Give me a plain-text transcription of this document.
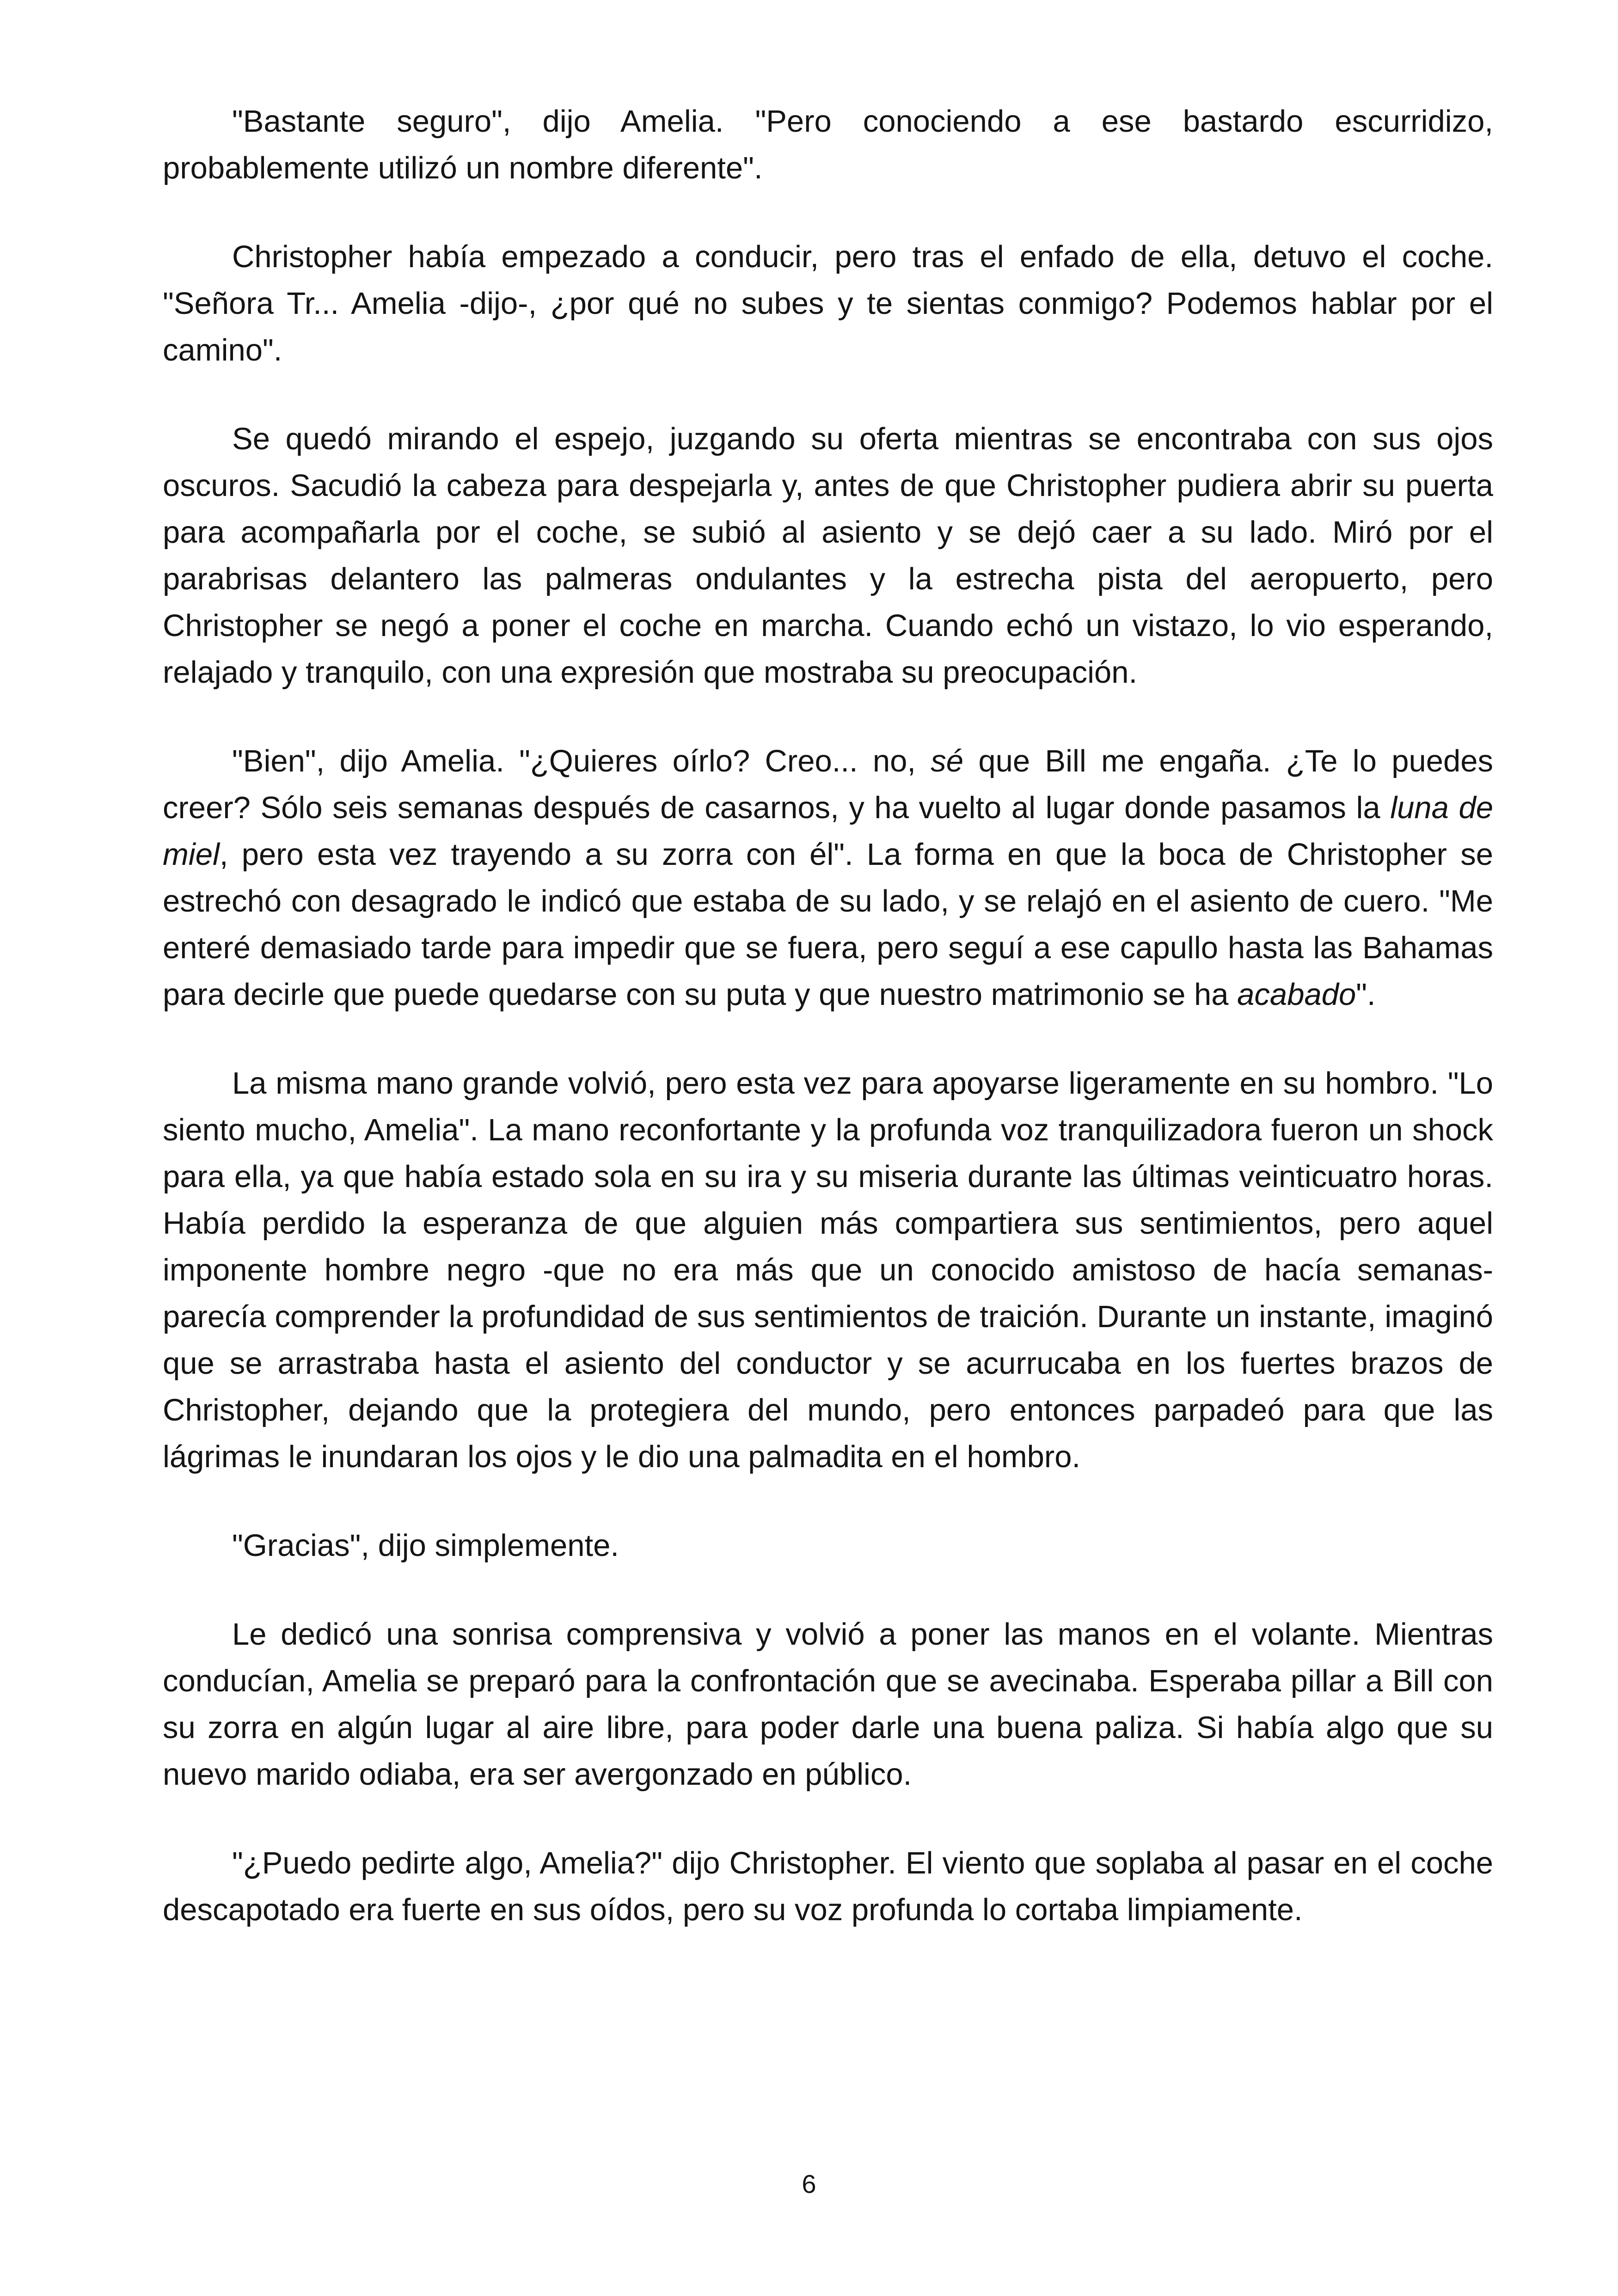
"Bastante seguro", dijo Amelia. "Pero conociendo a ese bastardo escurridizo, probablemente utilizó un nombre diferente".

Christopher había empezado a conducir, pero tras el enfado de ella, detuvo el coche. "Señora Tr... Amelia -dijo-, ¿por qué no subes y te sientas conmigo? Podemos hablar por el camino".

Se quedó mirando el espejo, juzgando su oferta mientras se encontraba con sus ojos oscuros. Sacudió la cabeza para despejarla y, antes de que Christopher pudiera abrir su puerta para acompañarla por el coche, se subió al asiento y se dejó caer a su lado. Miró por el parabrisas delantero las palmeras ondulantes y la estrecha pista del aeropuerto, pero Christopher se negó a poner el coche en marcha. Cuando echó un vistazo, lo vio esperando, relajado y tranquilo, con una expresión que mostraba su preocupación.

"Bien", dijo Amelia. "¿Quieres oírlo? Creo... no, sé que Bill me engaña. ¿Te lo puedes creer? Sólo seis semanas después de casarnos, y ha vuelto al lugar donde pasamos la luna de miel, pero esta vez trayendo a su zorra con él". La forma en que la boca de Christopher se estrechó con desagrado le indicó que estaba de su lado, y se relajó en el asiento de cuero. "Me enteré demasiado tarde para impedir que se fuera, pero seguí a ese capullo hasta las Bahamas para decirle que puede quedarse con su puta y que nuestro matrimonio se ha acabado".

La misma mano grande volvió, pero esta vez para apoyarse ligeramente en su hombro. "Lo siento mucho, Amelia". La mano reconfortante y la profunda voz tranquilizadora fueron un shock para ella, ya que había estado sola en su ira y su miseria durante las últimas veinticuatro horas. Había perdido la esperanza de que alguien más compartiera sus sentimientos, pero aquel imponente hombre negro -que no era más que un conocido amistoso de hacía semanas- parecía comprender la profundidad de sus sentimientos de traición. Durante un instante, imaginó que se arrastraba hasta el asiento del conductor y se acurrucaba en los fuertes brazos de Christopher, dejando que la protegiera del mundo, pero entonces parpadeó para que las lágrimas le inundaran los ojos y le dio una palmadita en el hombro.

"Gracias", dijo simplemente.

Le dedicó una sonrisa comprensiva y volvió a poner las manos en el volante. Mientras conducían, Amelia se preparó para la confrontación que se avecinaba. Esperaba pillar a Bill con su zorra en algún lugar al aire libre, para poder darle una buena paliza. Si había algo que su nuevo marido odiaba, era ser avergonzado en público.

"¿Puedo pedirte algo, Amelia?" dijo Christopher. El viento que soplaba al pasar en el coche descapotado era fuerte en sus oídos, pero su voz profunda lo cortaba limpiamente.

6
